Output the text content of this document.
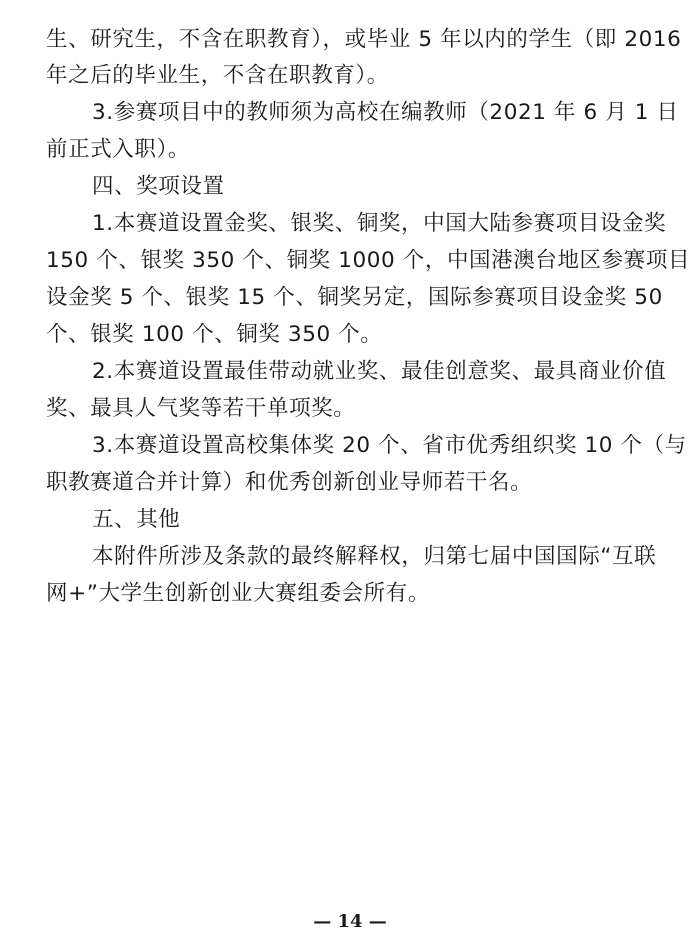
生、研究生，不含在职教育），或毕业 5 年以内的学生（即 2016
年之后的毕业生，不含在职教育）。
3.参赛项目中的教师须为高校在编教师（2021 年 6 月 1 日
前正式入职）。
四、奖项设置
1.本赛道设置金奖、银奖、铜奖，中国大陆参赛项目设金奖
150 个、银奖 350 个、铜奖 1000 个，中国港澳台地区参赛项目
设金奖 5 个、银奖 15 个、铜奖另定，国际参赛项目设金奖 50
个、银奖 100 个、铜奖 350 个。
2.本赛道设置最佳带动就业奖、最佳创意奖、最具商业价值
奖、最具人气奖等若干单项奖。
3.本赛道设置高校集体奖 20 个、省市优秀组织奖 10 个（与
职教赛道合并计算）和优秀创新创业导师若干名。
五、其他
本附件所涉及条款的最终解释权，归第七届中国国际“互联
网+”大学生创新创业大赛组委会所有。
— 14 —
